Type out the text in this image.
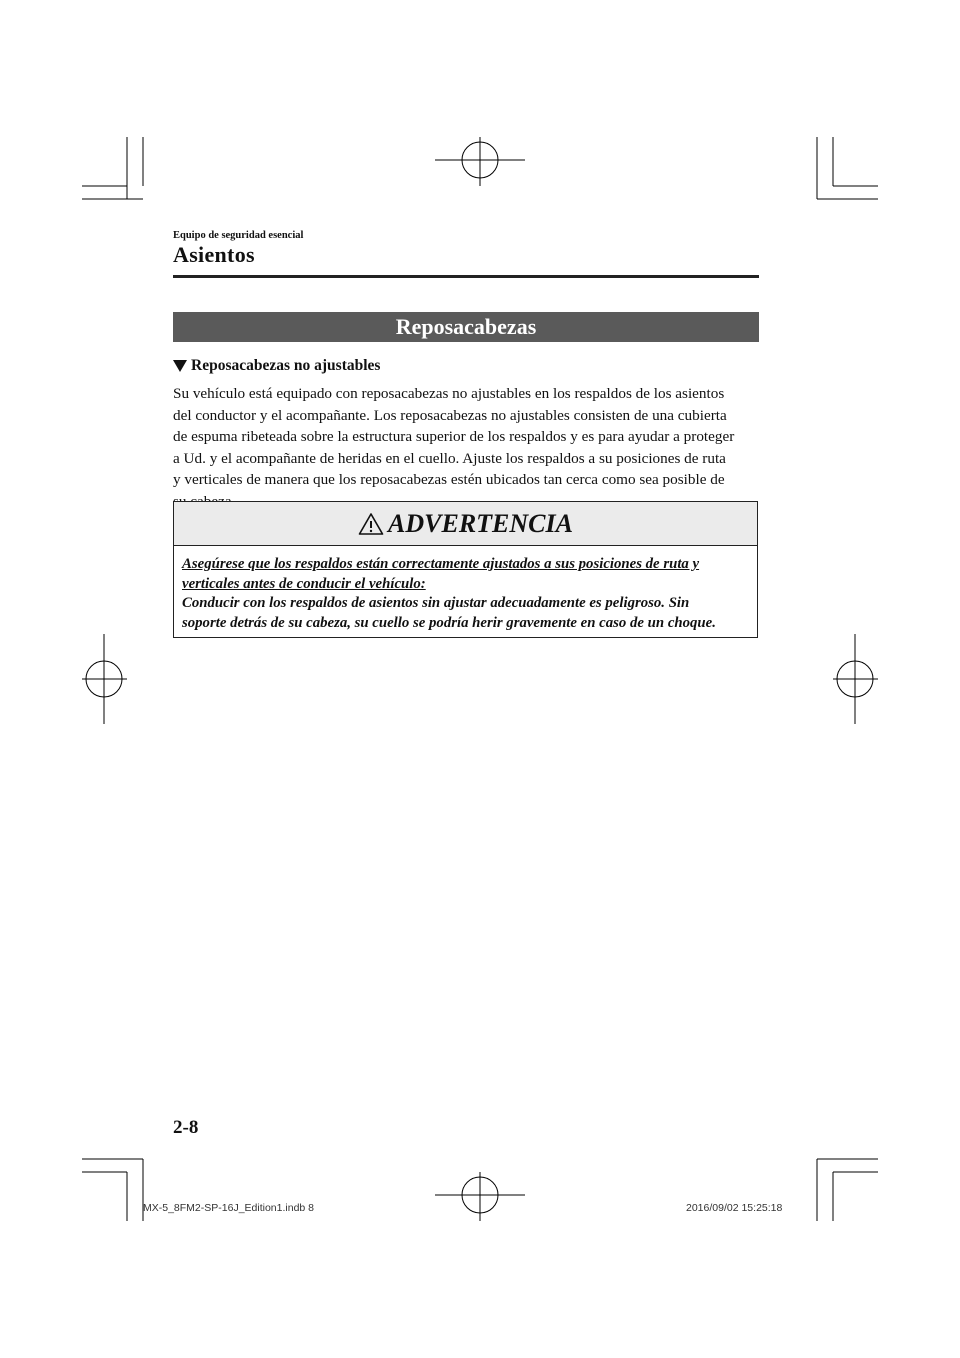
Equipo de seguridad esencial
Asientos
Reposacabezas
Reposacabezas no ajustables
Su vehículo está equipado con reposacabezas no ajustables en los respaldos de los asientos
del conductor y el acompañante. Los reposacabezas no ajustables consisten de una cubierta
de espuma ribeteada sobre la estructura superior de los respaldos y es para ayudar a proteger
a Ud. y el acompañante de heridas en el cuello. Ajuste los respaldos a su posiciones de ruta
y verticales de manera que los reposacabezas estén ubicados tan cerca como sea posible de
ADVERTENCIA
Asegúrese que los respaldos están correctamente ajustados a sus posiciones de ruta y
verticales antes de conducir el vehículo:
Conducir con los respaldos de asientos sin ajustar adecuadamente es peligroso. Sin
soporte detrás de su cabeza, su cuello se podría herir gravemente en caso de un choque.
2-8
MX-5_8FM2-SP-16J_Edition1.indb 8	2016/09/02 15:25:18
